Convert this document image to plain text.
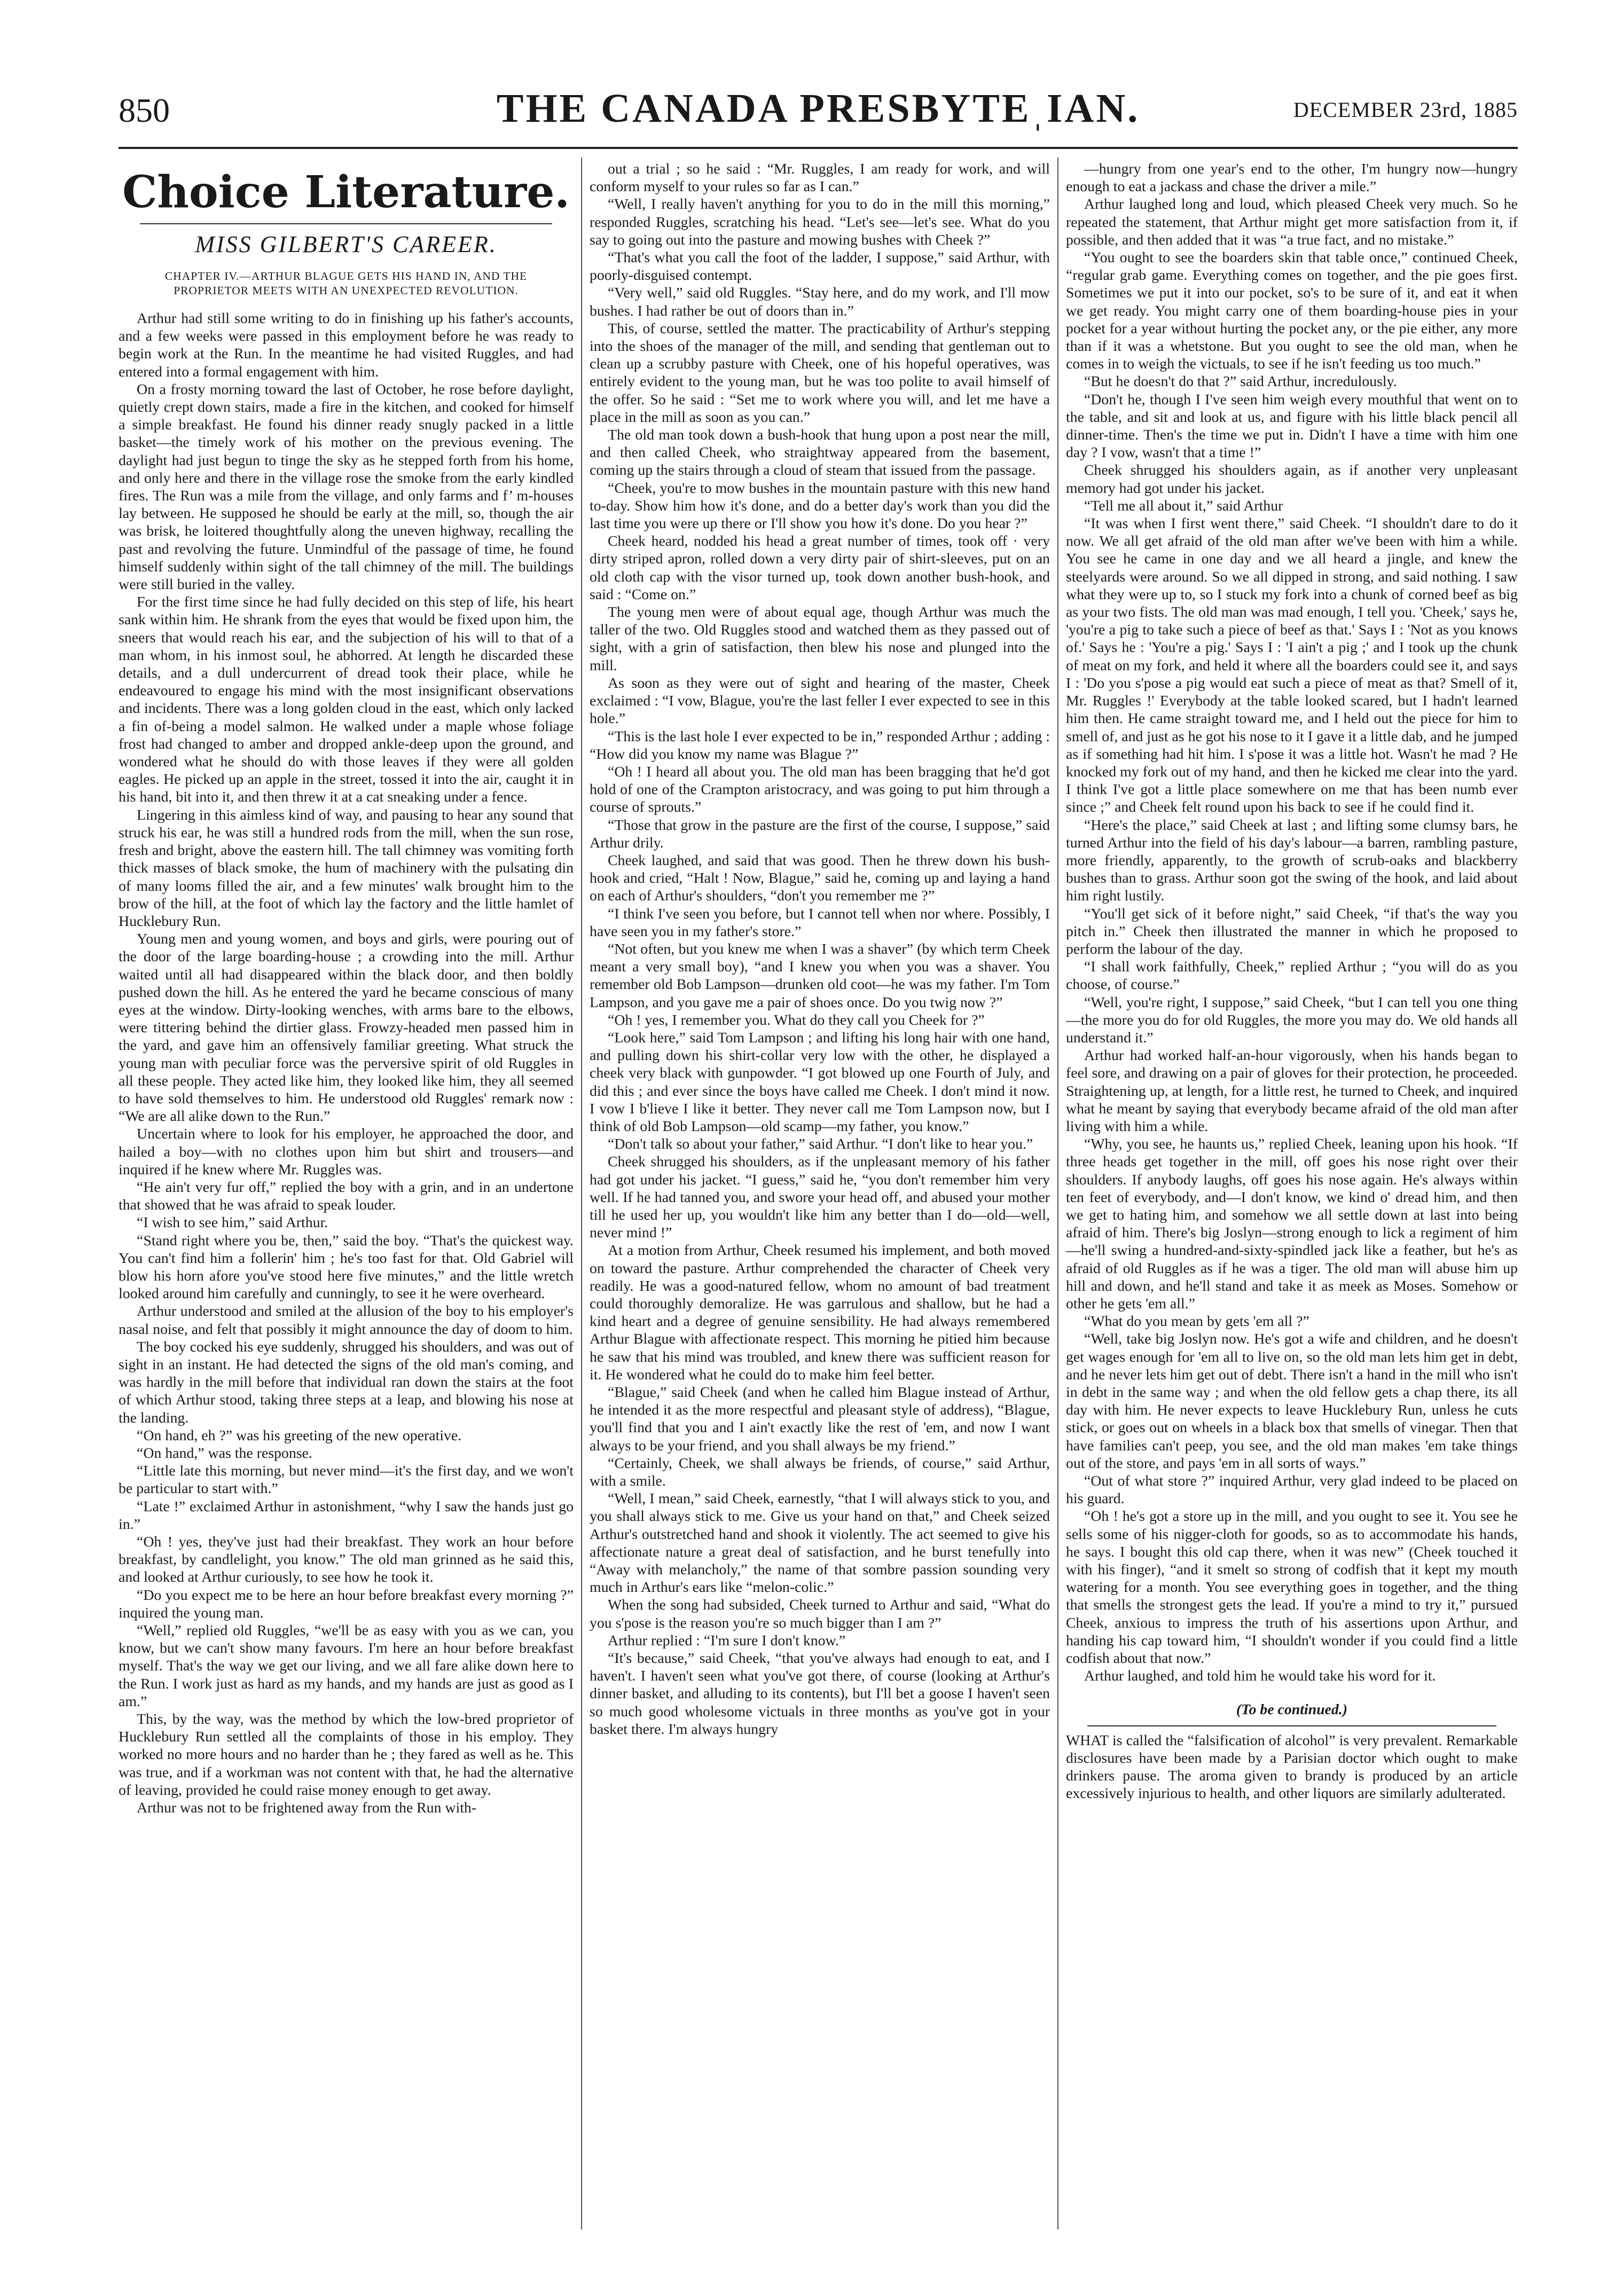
850	THE CANADA PRESBYTEˌIAN.	DECEMBER 23rd, 1885
Choice Literature.
MISS GILBERT'S CAREER.
CHAPTER IV.—ARTHUR BLAGUE GETS HIS HAND IN, AND THE PROPRIETOR MEETS WITH AN UNEXPECTED REVOLUTION.

Arthur had still some writing to do in finishing up his father's accounts, and a few weeks were passed in this employment before he was ready to begin work at the Run. In the meantime he had visited Ruggles, and had entered into a formal engagement with him.

On a frosty morning toward the last of October, he rose before daylight, quietly crept down stairs, made a fire in the kitchen, and cooked for himself a simple breakfast. He found his dinner ready snugly packed in a little basket—the timely work of his mother on the previous evening. The daylight had just begun to tinge the sky as he stepped forth from his home, and only here and there in the village rose the smoke from the early kindled fires. The Run was a mile from the village, and only farms and f’ m-houses lay between. He supposed he should be early at the mill, so, though the air was brisk, he loitered thoughtfully along the uneven highway, recalling the past and revolving the future. Unmindful of the passage of time, he found himself suddenly within sight of the tall chimney of the mill. The buildings were still buried in the valley.

For the first time since he had fully decided on this step of life, his heart sank within him. He shrank from the eyes that would be fixed upon him, the sneers that would reach his ear, and the subjection of his will to that of a man whom, in his inmost soul, he abhorred. At length he discarded these details, and a dull undercurrent of dread took their place, while he endeavoured to engage his mind with the most insignificant observations and incidents. There was a long golden cloud in the east, which only lacked a fin of-being a model salmon. He walked under a maple whose foliage frost had changed to amber and dropped ankle-deep upon the ground, and wondered what he should do with those leaves if they were all golden eagles. He picked up an apple in the street, tossed it into the air, caught it in his hand, bit into it, and then threw it at a cat sneaking under a fence.

Lingering in this aimless kind of way, and pausing to hear any sound that struck his ear, he was still a hundred rods from the mill, when the sun rose, fresh and bright, above the eastern hill. The tall chimney was vomiting forth thick masses of black smoke, the hum of machinery with the pulsating din of many looms filled the air, and a few minutes' walk brought him to the brow of the hill, at the foot of which lay the factory and the little hamlet of Hucklebury Run.

Young men and young women, and boys and girls, were pouring out of the door of the large boarding-house ; a crowding into the mill. Arthur waited until all had disappeared within the black door, and then boldly pushed down the hill. As he entered the yard he became conscious of many eyes at the window. Dirty-looking wenches, with arms bare to the elbows, were tittering behind the dirtier glass. Frowzy-headed men passed him in the yard, and gave him an offensively familiar greeting. What struck the young man with peculiar force was the perversive spirit of old Ruggles in all these people. They acted like him, they looked like him, they all seemed to have sold themselves to him. He understood old Ruggles' remark now : “We are all alike down to the Run.”

Uncertain where to look for his employer, he approached the door, and hailed a boy—with no clothes upon him but shirt and trousers—and inquired if he knew where Mr. Ruggles was.

“He ain't very fur off,” replied the boy with a grin, and in an undertone that showed that he was afraid to speak louder.

“I wish to see him,” said Arthur.

“Stand right where you be, then,” said the boy. “That's the quickest way. You can't find him a follerin' him ; he's too fast for that. Old Gabriel will blow his horn afore you've stood here five minutes,” and the little wretch looked around him carefully and cunningly, to see it he were overheard.

Arthur understood and smiled at the allusion of the boy to his employer's nasal noise, and felt that possibly it might announce the day of doom to him.

The boy cocked his eye suddenly, shrugged his shoulders, and was out of sight in an instant. He had detected the signs of the old man's coming, and was hardly in the mill before that individual ran down the stairs at the foot of which Arthur stood, taking three steps at a leap, and blowing his nose at the landing.

“On hand, eh ?” was his greeting of the new operative.

“On hand,” was the response.

“Little late this morning, but never mind—it's the first day, and we won't be particular to start with.”

“Late !” exclaimed Arthur in astonishment, “why I saw the hands just go in.”

“Oh ! yes, they've just had their breakfast. They work an hour before breakfast, by candlelight, you know.” The old man grinned as he said this, and looked at Arthur curiously, to see how he took it.

“Do you expect me to be here an hour before breakfast every morning ?” inquired the young man.

“Well,” replied old Ruggles, “we'll be as easy with you as we can, you know, but we can't show many favours. I'm here an hour before breakfast myself. That's the way we get our living, and we all fare alike down here to the Run. I work just as hard as my hands, and my hands are just as good as I am.”

This, by the way, was the method by which the low-bred proprietor of Hucklebury Run settled all the complaints of those in his employ. They worked no more hours and no harder than he ; they fared as well as he. This was true, and if a workman was not content with that, he had the alternative of leaving, provided he could raise money enough to get away.

Arthur was not to be frightened away from the Run with-

out a trial ; so he said : “Mr. Ruggles, I am ready for work, and will conform myself to your rules so far as I can.”

“Well, I really haven't anything for you to do in the mill this morning,” responded Ruggles, scratching his head. “Let's see—let's see. What do you say to going out into the pasture and mowing bushes with Cheek ?”

“That's what you call the foot of the ladder, I suppose,” said Arthur, with poorly-disguised contempt.

“Very well,” said old Ruggles. “Stay here, and do my work, and I'll mow bushes. I had rather be out of doors than in.”

This, of course, settled the matter. The practicability of Arthur's stepping into the shoes of the manager of the mill, and sending that gentleman out to clean up a scrubby pasture with Cheek, one of his hopeful operatives, was entirely evident to the young man, but he was too polite to avail himself of the offer. So he said : “Set me to work where you will, and let me have a place in the mill as soon as you can.”

The old man took down a bush-hook that hung upon a post near the mill, and then called Cheek, who straightway appeared from the basement, coming up the stairs through a cloud of steam that issued from the passage.

“Cheek, you're to mow bushes in the mountain pasture with this new hand to-day. Show him how it's done, and do a better day's work than you did the last time you were up there or I'll show you how it's done. Do you hear ?”

Cheek heard, nodded his head a great number of times, took off · very dirty striped apron, rolled down a very dirty pair of shirt-sleeves, put on an old cloth cap with the visor turned up, took down another bush-hook, and said : “Come on.”

The young men were of about equal age, though Arthur was much the taller of the two. Old Ruggles stood and watched them as they passed out of sight, with a grin of satisfaction, then blew his nose and plunged into the mill.

As soon as they were out of sight and hearing of the master, Cheek exclaimed : “I vow, Blague, you're the last feller I ever expected to see in this hole.”

“This is the last hole I ever expected to be in,” responded Arthur ; adding : “How did you know my name was Blague ?”

“Oh ! I heard all about you. The old man has been bragging that he'd got hold of one of the Crampton aristocracy, and was going to put him through a course of sprouts.”

“Those that grow in the pasture are the first of the course, I suppose,” said Arthur drily.

Cheek laughed, and said that was good. Then he threw down his bush-hook and cried, “Halt ! Now, Blague,” said he, coming up and laying a hand on each of Arthur's shoulders, “don't you remember me ?”

“I think I've seen you before, but I cannot tell when nor where. Possibly, I have seen you in my father's store.”

“Not often, but you knew me when I was a shaver” (by which term Cheek meant a very small boy), “and I knew you when you was a shaver. You remember old Bob Lampson—drunken old coot—he was my father. I'm Tom Lampson, and you gave me a pair of shoes once. Do you twig now ?”

“Oh ! yes, I remember you. What do they call you Cheek for ?”

“Look here,” said Tom Lampson ; and lifting his long hair with one hand, and pulling down his shirt-collar very low with the other, he displayed a cheek very black with gunpowder. “I got blowed up one Fourth of July, and did this ; and ever since the boys have called me Cheek. I don't mind it now. I vow I b'lieve I like it better. They never call me Tom Lampson now, but I think of old Bob Lampson—old scamp—my father, you know.”

“Don't talk so about your father,” said Arthur. “I don't like to hear you.”

Cheek shrugged his shoulders, as if the unpleasant memory of his father had got under his jacket. “I guess,” said he, “you don't remember him very well. If he had tanned you, and swore your head off, and abused your mother till he used her up, you wouldn't like him any better than I do—old—well, never mind !”

At a motion from Arthur, Cheek resumed his implement, and both moved on toward the pasture. Arthur comprehended the character of Cheek very readily. He was a good-natured fellow, whom no amount of bad treatment could thoroughly demoralize. He was garrulous and shallow, but he had a kind heart and a degree of genuine sensibility. He had always remembered Arthur Blague with affectionate respect. This morning he pitied him because he saw that his mind was troubled, and knew there was sufficient reason for it. He wondered what he could do to make him feel better.

“Blague,” said Cheek (and when he called him Blague instead of Arthur, he intended it as the more respectful and pleasant style of address), “Blague, you'll find that you and I ain't exactly like the rest of 'em, and now I want always to be your friend, and you shall always be my friend.”

“Certainly, Cheek, we shall always be friends, of course,” said Arthur, with a smile.

“Well, I mean,” said Cheek, earnestly, “that I will always stick to you, and you shall always stick to me. Give us your hand on that,” and Cheek seized Arthur's outstretched hand and shook it violently. The act seemed to give his affectionate nature a great deal of satisfaction, and he burst tenefully into “Away with melancholy,” the name of that sombre passion sounding very much in Arthur's ears like “melon-colic.”

When the song had subsided, Cheek turned to Arthur and said, “What do you s'pose is the reason you're so much bigger than I am ?”

Arthur replied : “I'm sure I don't know.”

“It's because,” said Cheek, “that you've always had enough to eat, and I haven't. I haven't seen what you've got there, of course (looking at Arthur's dinner basket, and alluding to its contents), but I'll bet a goose I haven't seen so much good wholesome victuals in three months as you've got in your basket there. I'm always hungry

—hungry from one year's end to the other, I'm hungry now—hungry enough to eat a jackass and chase the driver a mile.”

Arthur laughed long and loud, which pleased Cheek very much. So he repeated the statement, that Arthur might get more satisfaction from it, if possible, and then added that it was “a true fact, and no mistake.”

“You ought to see the boarders skin that table once,” continued Cheek, “regular grab game. Everything comes on together, and the pie goes first. Sometimes we put it into our pocket, so's to be sure of it, and eat it when we get ready. You might carry one of them boarding-house pies in your pocket for a year without hurting the pocket any, or the pie either, any more than if it was a whetstone. But you ought to see the old man, when he comes in to weigh the victuals, to see if he isn't feeding us too much.”

“But he doesn't do that ?” said Arthur, incredulously.

“Don't he, though I I've seen him weigh every mouthful that went on to the table, and sit and look at us, and figure with his little black pencil all dinner-time. Then's the time we put in. Didn't I have a time with him one day ? I vow, wasn't that a time !”

Cheek shrugged his shoulders again, as if another very unpleasant memory had got under his jacket.

“Tell me all about it,” said Arthur

“It was when I first went there,” said Cheek. “I shouldn't dare to do it now. We all get afraid of the old man after we've been with him a while. You see he came in one day and we all heard a jingle, and knew the steelyards were around. So we all dipped in strong, and said nothing. I saw what they were up to, so I stuck my fork into a chunk of corned beef as big as your two fists. The old man was mad enough, I tell you. 'Cheek,' says he, 'you're a pig to take such a piece of beef as that.' Says I : 'Not as you knows of.' Says he : 'You're a pig.' Says I : 'I ain't a pig ;' and I took up the chunk of meat on my fork, and held it where all the boarders could see it, and says I : 'Do you s'pose a pig would eat such a piece of meat as that? Smell of it, Mr. Ruggles !' Everybody at the table looked scared, but I hadn't learned him then. He came straight toward me, and I held out the piece for him to smell of, and just as he got his nose to it I gave it a little dab, and he jumped as if something had hit him. I s'pose it was a little hot. Wasn't he mad ? He knocked my fork out of my hand, and then he kicked me clear into the yard. I think I've got a little place somewhere on me that has been numb ever since ;” and Cheek felt round upon his back to see if he could find it.

“Here's the place,” said Cheek at last ; and lifting some clumsy bars, he turned Arthur into the field of his day's labour—a barren, rambling pasture, more friendly, apparently, to the growth of scrub-oaks and blackberry bushes than to grass. Arthur soon got the swing of the hook, and laid about him right lustily.

“You'll get sick of it before night,” said Cheek, “if that's the way you pitch in.” Cheek then illustrated the manner in which he proposed to perform the labour of the day.

“I shall work faithfully, Cheek,” replied Arthur ; “you will do as you choose, of course.”

“Well, you're right, I suppose,” said Cheek, “but I can tell you one thing—the more you do for old Ruggles, the more you may do. We old hands all understand it.”

Arthur had worked half-an-hour vigorously, when his hands began to feel sore, and drawing on a pair of gloves for their protection, he proceeded. Straightening up, at length, for a little rest, he turned to Cheek, and inquired what he meant by saying that everybody became afraid of the old man after living with him a while.

“Why, you see, he haunts us,” replied Cheek, leaning upon his hook. “If three heads get together in the mill, off goes his nose right over their shoulders. If anybody laughs, off goes his nose again. He's always within ten feet of everybody, and—I don't know, we kind o' dread him, and then we get to hating him, and somehow we all settle down at last into being afraid of him. There's big Joslyn—strong enough to lick a regiment of him—he'll swing a hundred-and-sixty-spindled jack like a feather, but he's as afraid of old Ruggles as if he was a tiger. The old man will abuse him up hill and down, and he'll stand and take it as meek as Moses. Somehow or other he gets 'em all.”

“What do you mean by gets 'em all ?”

“Well, take big Joslyn now. He's got a wife and children, and he doesn't get wages enough for 'em all to live on, so the old man lets him get in debt, and he never lets him get out of debt. There isn't a hand in the mill who isn't in debt in the same way ; and when the old fellow gets a chap there, its all day with him. He never expects to leave Hucklebury Run, unless he cuts stick, or goes out on wheels in a black box that smells of vinegar. Then that have families can't peep, you see, and the old man makes 'em take things out of the store, and pays 'em in all sorts of ways.”

“Out of what store ?” inquired Arthur, very glad indeed to be placed on his guard.

“Oh ! he's got a store up in the mill, and you ought to see it. You see he sells some of his nigger-cloth for goods, so as to accommodate his hands, he says. I bought this old cap there, when it was new” (Cheek touched it with his finger), “and it smelt so strong of codfish that it kept my mouth watering for a month. You see everything goes in together, and the thing that smells the strongest gets the lead. If you're a mind to try it,” pursued Cheek, anxious to impress the truth of his assertions upon Arthur, and handing his cap toward him, “I shouldn't wonder if you could find a little codfish about that now.”

Arthur laughed, and told him he would take his word for it.

(To be continued.)

WHAT is called the “falsification of alcohol” is very prevalent. Remarkable disclosures have been made by a Parisian doctor which ought to make drinkers pause. The aroma given to brandy is produced by an article excessively injurious to health, and other liquors are similarly adulterated.
